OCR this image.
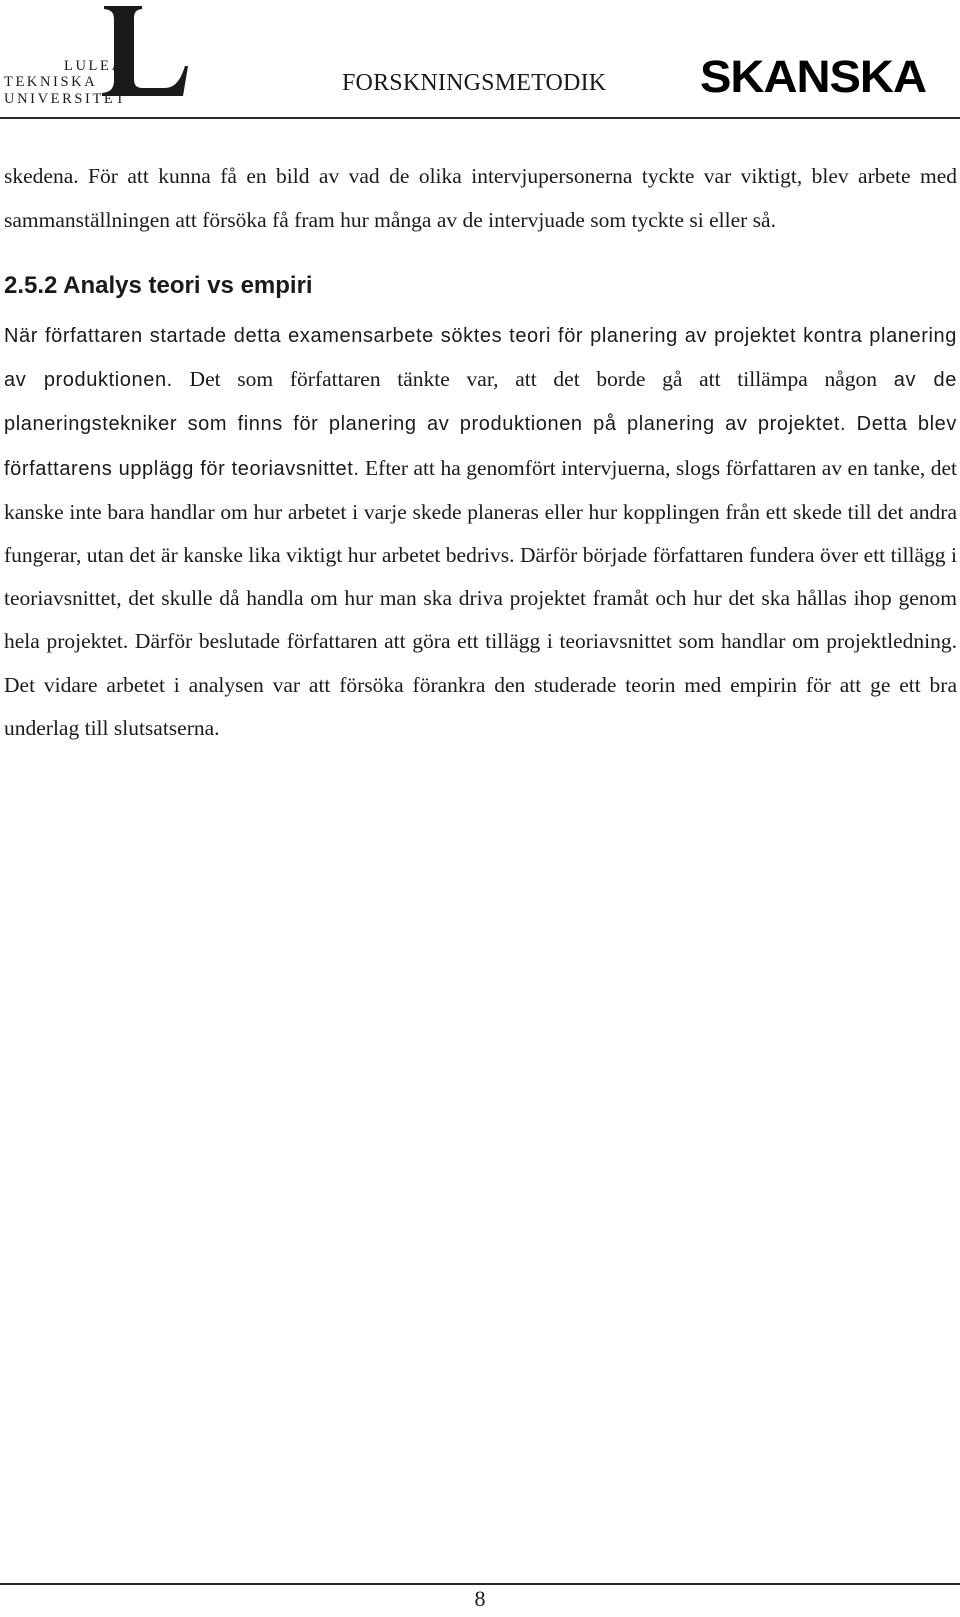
LULEÅ
TEKNISKA
UNIVERSITET
FORSKNINGSMETODIK SKANSKA

skedena. För att kunna få en bild av vad de olika intervjupersonerna tyckte var viktigt, blev arbete med sammanställningen att försöka få fram hur många av de intervjuade som tyckte si eller så.

2.5.2 Analys teori vs empiri

När författaren startade detta examensarbete söktes teori för planering av projektet kontra planering av produktionen. Det som författaren tänkte var, att det borde gå att tillämpa någon av de planeringstekniker som finns för planering av produktionen på planering av projektet. Detta blev författarens upplägg för teoriavsnittet. Efter att ha genomfört intervjuerna, slogs författaren av en tanke, det kanske inte bara handlar om hur arbetet i varje skede planeras eller hur kopplingen från ett skede till det andra fungerar, utan det är kanske lika viktigt hur arbetet bedrivs. Därför började författaren fundera över ett tillägg i teoriavsnittet, det skulle då handla om hur man ska driva projektet framåt och hur det ska hållas ihop genom hela projektet. Därför beslutade författaren att göra ett tillägg i teoriavsnittet som handlar om projektledning. Det vidare arbetet i analysen var att försöka förankra den studerade teorin med empirin för att ge ett bra underlag till slutsatserna.

8
